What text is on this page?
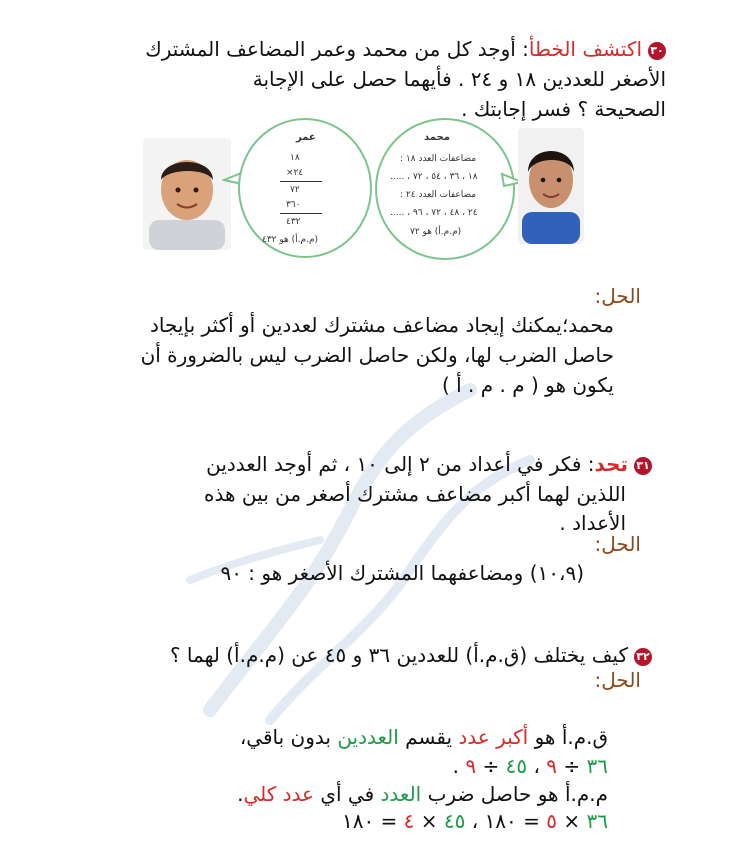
٣٠اكتشف الخطأ: أوجد كل من محمد وعمر المضاعف المشترك
الأصغر للعددين ١٨ و ٢٤ . فأيهما حصل على الإجابة
الصحيحة ؟ فسر إجابتك .
عمر
١٨
٢٤×
٧٢
٣٦٠
٤٣٢
(م.م.أ) هو ٤٣٢
محمد
مضاعفات العدد ١٨ :
١٨ ، ٣٦ ، ٥٤ ، ٧٢ ، .....
مضاعفات العدد ٢٤ :
٢٤ ، ٤٨ ، ٧٢ ، ٩٦ ، .....
(م.م.أ) هو ٧٢
الحل:
محمد؛يمكنك إيجاد مضاعف مشترك لعددين أو أكثر بإيجاد
حاصل الضرب لها، ولكن حاصل الضرب ليس بالضرورة أن
يكون هو ( م . م . أ )
٣١تحد: فكر في أعداد من ٢ إلى ١٠ ، ثم أوجد العددين
اللذين لهما أكبر مضاعف مشترك أصغر من بين هذه
الأعداد .
الحل:
(١٠،٩) ومضاعفهما المشترك الأصغر هو : ٩٠
٣٢كيف يختلف (ق.م.أ) للعددين ٣٦ و ٤٥ عن (م.م.أ) لهما ؟
الحل:
ق.م.أ هو أكبر عدد يقسم العددين بدون باقي،
٣٦ ÷ ٩ ، ٤٥ ÷ ٩ .
م.م.أ هو حاصل ضرب العدد في أي عدد كلي.
٣٦ × ٥ = ١٨٠ ، ٤٥ × ٤ = ١٨٠
